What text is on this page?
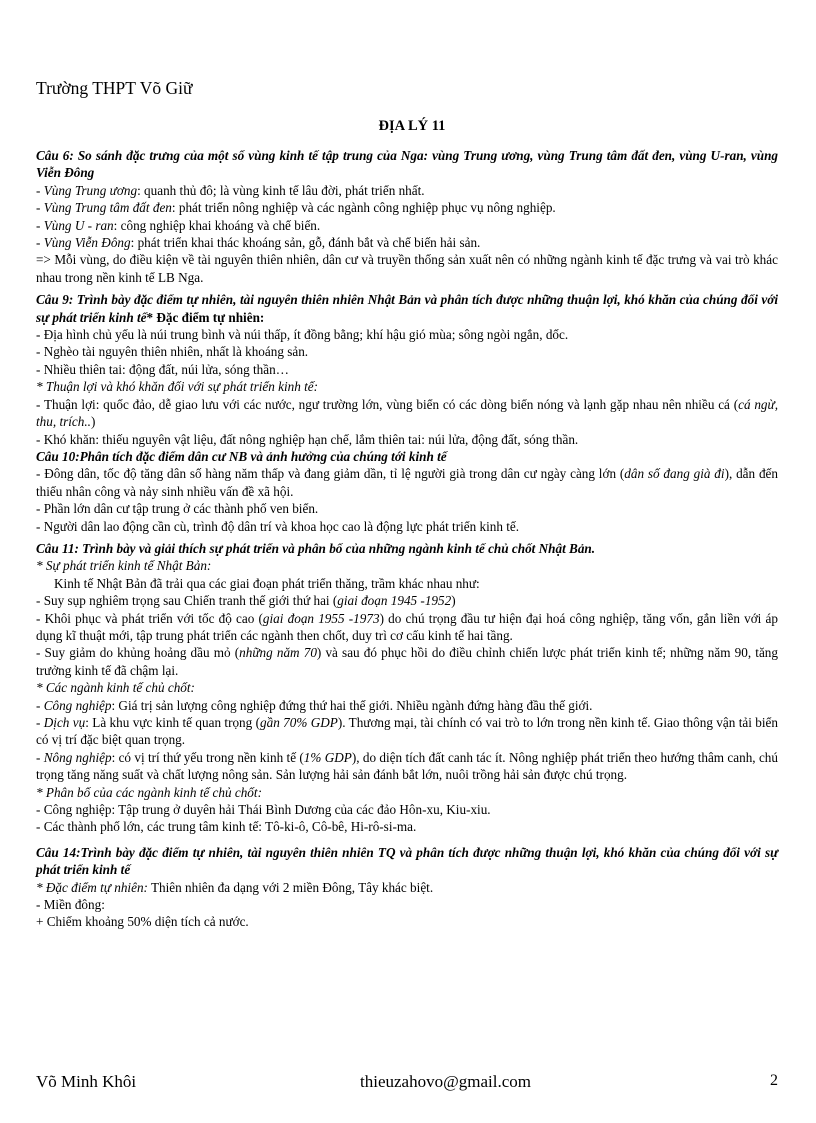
Trường THPT Võ Giữ
ĐỊA LÝ 11
Câu 6: So sánh đặc trưng của một số vùng kinh tế tập trung của Nga: vùng Trung ương, vùng Trung tâm đất đen, vùng U-ran, vùng Viễn Đông
- Vùng Trung ương: quanh thủ đô; là vùng kinh tế lâu đời, phát triển nhất.
- Vùng Trung tâm đất đen: phát triển nông nghiệp và các ngành công nghiệp phục vụ nông nghiệp.
- Vùng U - ran: công nghiệp khai khoáng và chế biến.
- Vùng Viễn Đông: phát triển khai thác khoáng sản, gỗ, đánh bắt và chế biến hải sản.
=> Mỗi vùng, do điều kiện về tài nguyên thiên nhiên, dân cư và truyền thống sản xuất nên có những ngành kinh tế đặc trưng và vai trò khác nhau trong nền kinh tế LB Nga.
Câu 9: Trình bày đặc điểm tự nhiên, tài nguyên thiên nhiên Nhật Bản và phân tích được những thuận lợi, khó khăn của chúng đối với sự phát triển kinh tế* Đặc điểm tự nhiên:
- Địa hình chủ yếu là núi trung bình và núi thấp, ít đồng bằng; khí hậu gió mùa; sông ngòi ngắn, dốc.
- Nghèo tài nguyên thiên nhiên, nhất là khoáng sản.
- Nhiều thiên tai: động đất, núi lửa, sóng thần…
* Thuận lợi và khó khăn đối với sự phát triển kinh tế:
- Thuận lợi: quốc đảo, dễ giao lưu với các nước, ngư trường lớn, vùng biển có các dòng biển nóng và lạnh gặp nhau nên nhiều cá (cá ngừ, thu, trích..)
- Khó khăn: thiếu nguyên vật liệu, đất nông nghiệp hạn chế, lắm thiên tai: núi lửa, động đất, sóng thần.
Câu 10:Phân tích đặc điểm dân cư NB và ảnh hưởng của chúng tới kinh tế
- Đông dân, tốc độ tăng dân số hàng năm thấp và đang giảm dần, tỉ lệ người già trong dân cư ngày càng lớn (dân số đang già đi), dẫn đến thiếu nhân công và nảy sinh nhiều vấn đề xã hội.
- Phần lớn dân cư tập trung ở các thành phố ven biển.
- Người dân lao động cần cù, trình độ dân trí và khoa học cao là động lực phát triển kinh tế.
Câu 11: Trình bày và giải thích sự phát triển và phân bố của những ngành kinh tế chủ chốt Nhật Bản.
* Sự phát triển kinh tế Nhật Bản:
Kinh tế Nhật Bản đã trải qua các giai đoạn phát triển thăng, trầm khác nhau như:
- Suy sụp nghiêm trọng sau Chiến tranh thế giới thứ hai (giai đoạn 1945 -1952)
- Khôi phục và phát triển với tốc độ cao (giai đoạn 1955 -1973) do chú trọng đầu tư hiện đại hoá công nghiệp, tăng vốn, gắn liền với áp dụng kĩ thuật mới, tập trung phát triển các ngành then chốt, duy trì cơ cấu kinh tế hai tầng.
- Suy giảm do khủng hoảng dầu mỏ (những năm 70) và sau đó phục hồi do điều chỉnh chiến lược phát triển kinh tế; những năm 90, tăng trưởng kinh tế đã chậm lại.
* Các ngành kinh tế chủ chốt:
- Công nghiệp: Giá trị sản lượng công nghiệp đứng thứ hai thế giới. Nhiều ngành đứng hàng đầu thế giới.
- Dịch vụ: Là khu vực kinh tế quan trọng (gần 70% GDP). Thương mại, tài chính có vai trò to lớn trong nền kinh tế. Giao thông vận tải biển có vị trí đặc biệt quan trọng.
- Nông nghiệp: có vị trí thứ yếu trong nền kinh tế (1% GDP), do diện tích đất canh tác ít. Nông nghiệp phát triển theo hướng thâm canh, chú trọng tăng năng suất và chất lượng nông sản. Sản lượng hải sản đánh bắt lớn, nuôi trồng hải sản được chú trọng.
* Phân bố của các ngành kinh tế chủ chốt:
- Công nghiệp: Tập trung ở duyên hải Thái Bình Dương của các đảo Hôn-xu, Kiu-xiu.
- Các thành phố lớn, các trung tâm kinh tế: Tô-ki-ô, Cô-bê, Hi-rô-si-ma.
Câu 14:Trình bày đặc điểm tự nhiên, tài nguyên thiên nhiên TQ và phân tích được những thuận lợi, khó khăn của chúng đối với sự phát triển kinh tế
* Đặc điểm tự nhiên: Thiên nhiên đa dạng với 2 miền Đông, Tây khác biệt.
- Miền đông:
+ Chiếm khoảng 50% diện tích cả nước.
Võ Minh Khôi	thieuzahovo@gmail.com	2
